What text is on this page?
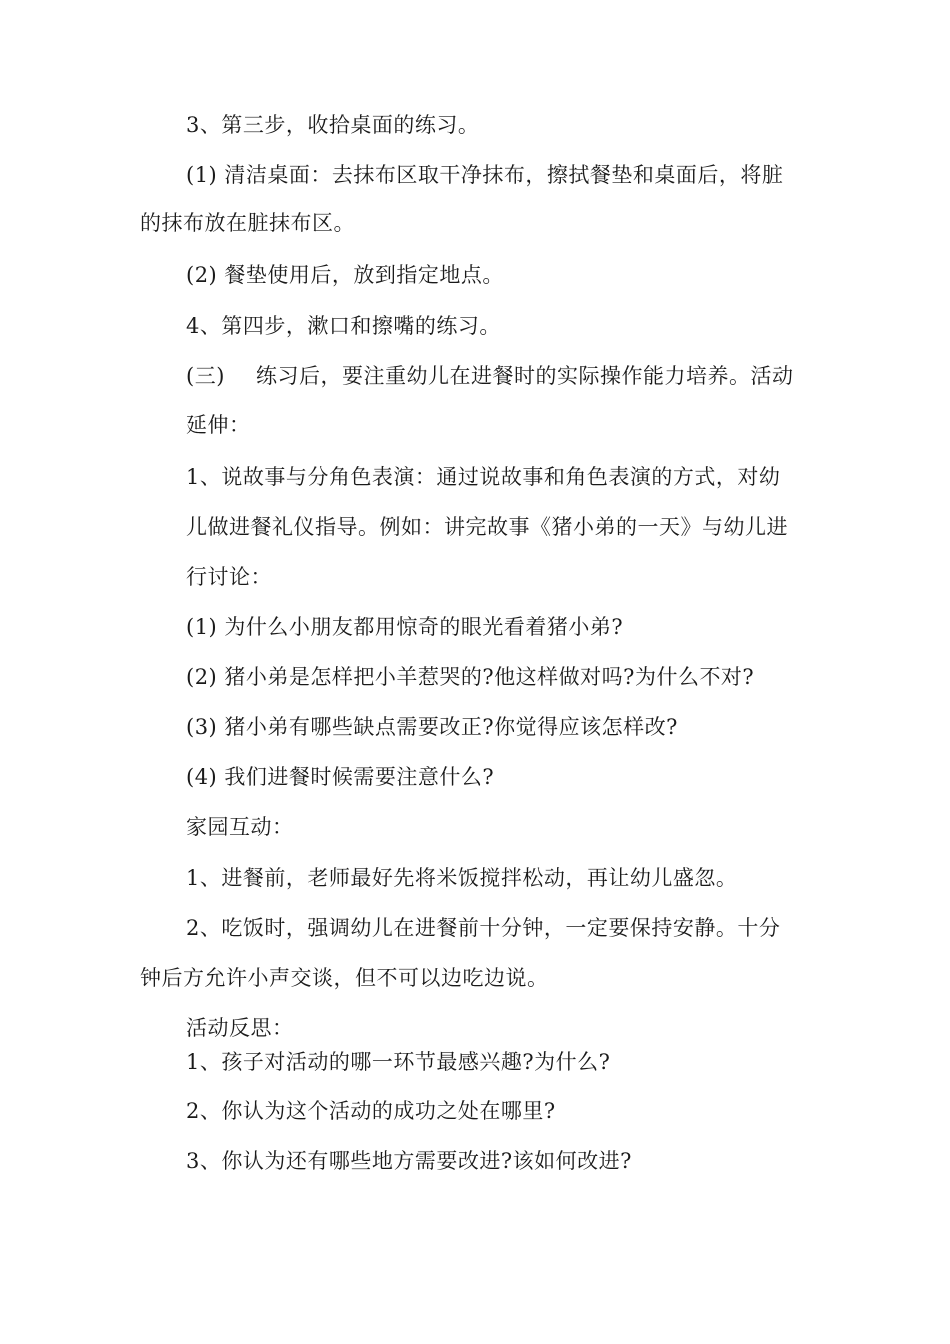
3、第三步，收拾桌面的练习。

(1) 清洁桌面：去抹布区取干净抹布，擦拭餐垫和桌面后，将脏

的抹布放在脏抹布区。

(2) 餐垫使用后，放到指定地点。

4、第四步，漱口和擦嘴的练习。

(三) 练习后，要注重幼儿在进餐时的实际操作能力培养。活动

延伸：

1、说故事与分角色表演：通过说故事和角色表演的方式，对幼

儿做进餐礼仪指导。例如：讲完故事《猪小弟的一天》与幼儿进

行讨论：

(1) 为什么小朋友都用惊奇的眼光看着猪小弟?

(2) 猪小弟是怎样把小羊惹哭的?他这样做对吗?为什么不对?

(3) 猪小弟有哪些缺点需要改正?你觉得应该怎样改?

(4) 我们进餐时候需要注意什么?

家园互动：

1、进餐前，老师最好先将米饭搅拌松动，再让幼儿盛忽。

2、吃饭时，强调幼儿在进餐前十分钟，一定要保持安静。十分

钟后方允许小声交谈，但不可以边吃边说。

活动反思：

1、孩子对活动的哪一环节最感兴趣?为什么?

2、你认为这个活动的成功之处在哪里?

3、你认为还有哪些地方需要改进?该如何改进?
